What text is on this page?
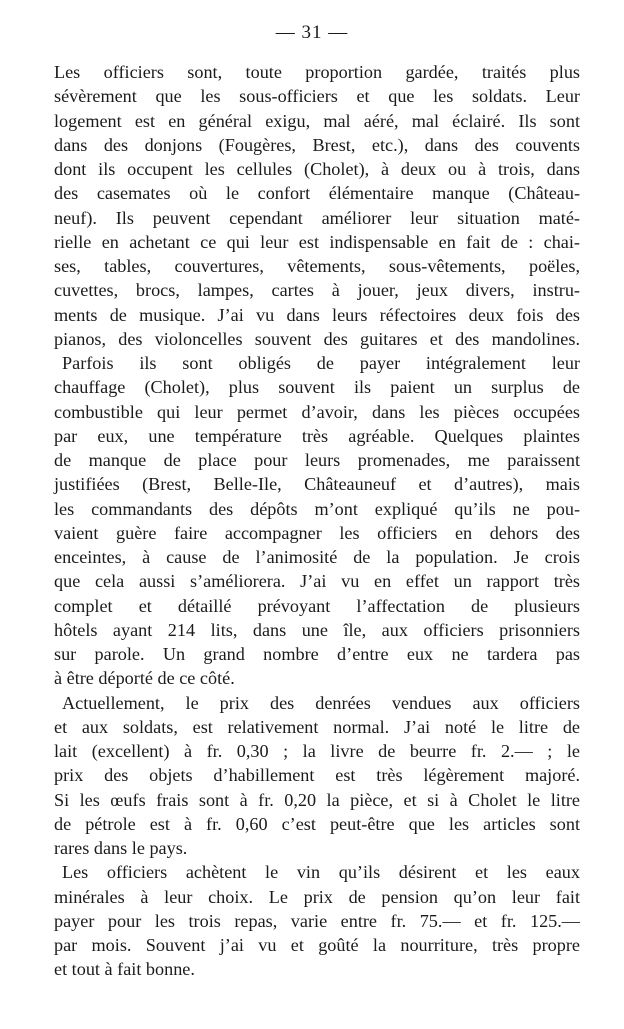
— 31 —
Les officiers sont, toute proportion gardée, traités plus
sévèrement que les sous-officiers et que les soldats. Leur
logement est en général exigu, mal aéré, mal éclairé. Ils sont
dans des donjons (Fougères, Brest, etc.), dans des couvents
dont ils occupent les cellules (Cholet), à deux ou à trois, dans
des casemates où le confort élémentaire manque (Château-
neuf). Ils peuvent cependant améliorer leur situation maté-
rielle en achetant ce qui leur est indispensable en fait de : chai-
ses, tables, couvertures, vêtements, sous-vêtements, poëles,
cuvettes, brocs, lampes, cartes à jouer, jeux divers, instru-
ments de musique. J’ai vu dans leurs réfectoires deux fois des
pianos, des violoncelles souvent des guitares et des mandolines.
Parfois ils sont obligés de payer intégralement leur
chauffage (Cholet), plus souvent ils paient un surplus de
combustible qui leur permet d’avoir, dans les pièces occupées
par eux, une température très agréable. Quelques plaintes
de manque de place pour leurs promenades, me paraissent
justifiées (Brest, Belle-Ile, Châteauneuf et d’autres), mais
les commandants des dépôts m’ont expliqué qu’ils ne pou-
vaient guère faire accompagner les officiers en dehors des
enceintes, à cause de l’animosité de la population. Je crois
que cela aussi s’améliorera. J’ai vu en effet un rapport très
complet et détaillé prévoyant l’affectation de plusieurs
hôtels ayant 214 lits, dans une île, aux officiers prisonniers
sur parole. Un grand nombre d’entre eux ne tardera pas
à être déporté de ce côté.
Actuellement, le prix des denrées vendues aux officiers
et aux soldats, est relativement normal. J’ai noté le litre de
lait (excellent) à fr. 0,30 ; la livre de beurre fr. 2.— ; le
prix des objets d’habillement est très légèrement majoré.
Si les œufs frais sont à fr. 0,20 la pièce, et si à Cholet le litre
de pétrole est à fr. 0,60 c’est peut-être que les articles sont
rares dans le pays.
Les officiers achètent le vin qu’ils désirent et les eaux
minérales à leur choix. Le prix de pension qu’on leur fait
payer pour les trois repas, varie entre fr. 75.— et fr. 125.—
par mois. Souvent j’ai vu et goûté la nourriture, très propre
et tout à fait bonne.
